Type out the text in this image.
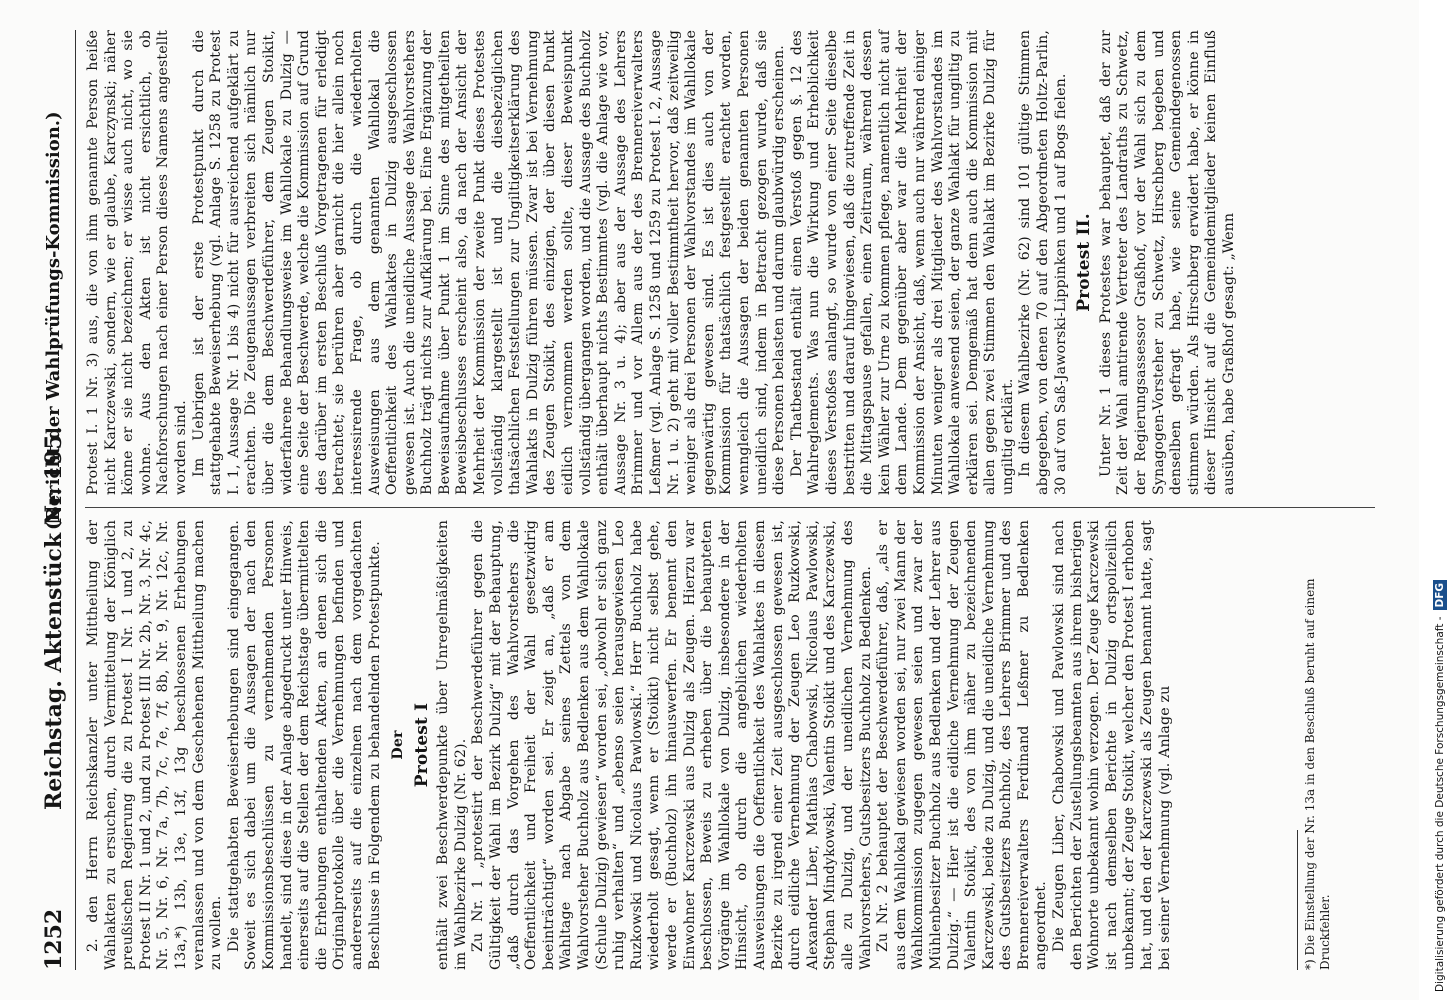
1252
Reichstag. Aktenstück Nr. 195.
(Bericht der Wahlprüfungs-Kommission.)

2. den Herrn Reichskanzler unter Mittheilung der Wahlakten zu ersuchen, durch Vermittelung der Königlich preußischen Regierung die zu Protest I Nr. 1 und 2, zu Protest II Nr. 1 und 2, und zu Protest III Nr. 2b, Nr. 3, Nr. 4c, Nr. 5, Nr. 6, Nr. 7a, 7b, 7c, 7e, 7f, 8b, Nr. 9, Nr. 12c, Nr. 13a,*) 13b, 13e, 13f, 13g beschlossenen Erhebungen veranlassen und von dem Geschehenen Mittheilung machen zu wollen. Die stattgehabten Beweiserhebungen sind eingegangen. Soweit es sich dabei um die Aussagen der nach den Kommissionsbeschlüssen zu vernehmenden Personen handelt, sind diese in der Anlage abgedruckt unter Hinweis, einerseits auf die Stellen der dem Reichstage übermittelten die Erhebungen enthaltenden Akten, an denen sich die Originalprotokolle über die Vernehmungen befinden und andererseits auf die einzelnen nach dem vorgedachten Beschlusse in Folgendem zu behandelnden Protestpunkte. Der Protest I enthält zwei Beschwerdepunkte über Unregelmäßigkeiten im Wahlbezirke Dulzig (Nr. 62). Zu Nr. 1 „protestirt der Beschwerdeführer gegen die Gültigkeit der Wahl im Bezirk Dulzig“ mit der Behauptung, „daß durch das Vorgehen des Wahlvorstehers die Oeffentlichkeit und Freiheit der Wahl gesetzwidrig beeinträchtigt“ worden sei. Er zeigt an, „daß er am Wahltage nach Abgabe seines Zettels von dem Wahlvorsteher Buchholz aus Bedlenken aus dem Wahllokale (Schule Dulzig) gewiesen“ worden sei, „obwohl er sich ganz ruhig verhalten“ und „ebenso seien herausgewiesen Leo Ruzkowski und Nicolaus Pawlowski.“ Herr Buchholz habe wiederholt gesagt, wenn er (Stoikit) nicht selbst gehe, werde er (Buchholz) ihn hinauswerfen. Er benennt den Einwohner Karczewski aus Dulzig als Zeugen. Hierzu war beschlossen, Beweis zu erheben über die behaupteten Vorgänge im Wahllokale von Dulzig, insbesondere in der Hinsicht, ob durch die angeblichen wiederholten Ausweisungen die Oeffentlichkeit des Wahlaktes in diesem Bezirke zu irgend einer Zeit ausgeschlossen gewesen ist, durch eidliche Vernehmung der Zeugen Leo Ruzkowski, Alexander Liber, Mathias Chabowski, Nicolaus Pawlowski, Stephan Mindykowski, Valentin Stoikit und des Karczewski, alle zu Dulzig, und der uneidlichen Vernehmung des Wahlvorstehers, Gutsbesitzers Buchholz zu Bedlenken. Zu Nr. 2 behauptet der Beschwerdeführer, daß, „als er aus dem Wahllokal gewiesen worden sei, nur zwei Mann der Wahlkommission zugegen gewesen seien und zwar der Mühlenbesitzer Buchholz aus Bedlenken und der Lehrer aus Dulzig.“ — Hier ist die eidliche Vernehmung der Zeugen Valentin Stoikit, des von ihm näher zu bezeichnenden Karczewski, beide zu Dulzig, und die uneidliche Vernehmung des Gutsbesitzers Buchholz, des Lehrers Brimmer und des Brennereiverwalters Ferdinand Leßmer zu Bedlenken angeordnet. Die Zeugen Liber, Chabowski und Pawlowski sind nach den Berichten der Zustellungsbeamten aus ihrem bisherigen Wohnorte unbekannt wohin verzogen. Der Zeuge Karczewski ist nach demselben Berichte in Dulzig ortspolizeilich unbekannt; der Zeuge Stoikit, welcher den Protest I erhoben hat, und den der Karczewski als Zeugen benannt hatte, sagt bei seiner Vernehmung (vgl. Anlage zu	*) Die Einstellung der Nr. 13a in den Beschluß beruht auf einem Druckfehler.

Protest I. 1 Nr. 3) aus, die von ihm genannte Person heiße nicht Karczewski, sondern, wie er glaube, Karczynski; näher könne er sie nicht bezeichnen; er wisse auch nicht, wo sie wohne. Aus den Akten ist nicht ersichtlich, ob Nachforschungen nach einer Person dieses Namens angestellt worden sind. Im Uebrigen ist der erste Protestpunkt durch die stattgehabte Beweiserhebung (vgl. Anlage S. 1258 zu Protest I. 1, Aussage Nr. 1 bis 4) nicht für ausreichend aufgeklärt zu erachten. Die Zeugenaussagen verbreiten sich nämlich nur über die dem Beschwerdeführer, dem Zeugen Stoikit, widerfahrene Behandlungsweise im Wahllokale zu Dulzig — eine Seite der Beschwerde, welche die Kommission auf Grund des darüber im ersten Beschluß Vorgetragenen für erledigt betrachtet; sie berühren aber garnicht die hier allein noch interessirende Frage, ob durch die wiederholten Ausweisungen aus dem genannten Wahllokal die Oeffentlichkeit des Wahlaktes in Dulzig ausgeschlossen gewesen ist. Auch die uneidliche Aussage des Wahlvorstehers Buchholz trägt nichts zur Aufklärung bei. Eine Ergänzung der Beweisaufnahme über Punkt 1 im Sinne des mitgetheilten Beweisbeschlusses erscheint also, da nach der Ansicht der Mehrheit der Kommission der zweite Punkt dieses Protestes vollständig klargestellt ist und die diesbezüglichen thatsächlichen Feststellungen zur Ungiltigkeitserklärung des Wahlakts in Dulzig führen müssen. Zwar ist bei Vernehmung des Zeugen Stoikit, des einzigen, der über diesen Punkt eidlich vernommen werden sollte, dieser Beweispunkt vollständig übergangen worden, und die Aussage des Buchholz enthält überhaupt nichts Bestimmtes (vgl. die Anlage wie vor, Aussage Nr. 3 u. 4); aber aus der Aussage des Lehrers Brimmer und vor Allem aus der des Brennereiverwalters Leßmer (vgl. Anlage S. 1258 und 1259 zu Protest I. 2, Aussage Nr. 1 u. 2) geht mit voller Bestimmtheit hervor, daß zeitweilig weniger als drei Personen der Wahlvorstandes im Wahllokale gegenwärtig gewesen sind. Es ist dies auch von der Kommission für thatsächlich festgestellt erachtet worden, wenngleich die Aussagen der beiden genannten Personen uneidlich sind, indem in Betracht gezogen wurde, daß sie diese Personen belasten und darum glaubwürdig erscheinen. Der Thatbestand enthält einen Verstoß gegen §. 12 des Wahlreglements. Was nun die Wirkung und Erheblichkeit dieses Verstoßes anlangt, so wurde von einer Seite dieselbe bestritten und darauf hingewiesen, daß die zutreffende Zeit in die Mittagspause gefallen, einen Zeitraum, während dessen kein Wähler zur Urne zu kommen pflege, namentlich nicht auf dem Lande. Dem gegenüber aber war die Mehrheit der Kommission der Ansicht, daß, wenn auch nur während einiger Minuten weniger als drei Mitglieder des Wahlvorstandes im Wahllokale anwesend seien, der ganze Wahlakt für ungiltig zu erklären sei. Demgemäß hat denn auch die Kommission mit allen gegen zwei Stimmen den Wahlakt im Bezirke Dulzig für ungiltig erklärt. In diesem Wahlbezirke (Nr. 62) sind 101 gültige Stimmen abgegeben, von denen 70 auf den Abgeordneten Holtz-Parlin, 30 auf von Saß-Jaworski-Lippinken und 1 auf Bogs fielen. Protest II. Unter Nr. 1 dieses Protestes war behauptet, daß der zur Zeit der Wahl amtirende Vertreter des Landraths zu Schwetz, der Regierungsassessor Graßhof, vor der Wahl sich zu dem Synagogen-Vorsteher zu Schwetz, Hirschberg begeben und denselben gefragt habe, wie seine Gemeindegenossen stimmen würden. Als Hirschberg erwidert habe, er könne in dieser Hinsicht auf die Gemeindemitglieder keinen Einfluß ausüben, habe Graßhof gesagt: „Wenn

Digitalisierung gefördert durch die Deutsche Forschungsgemeinschaft -DFG
